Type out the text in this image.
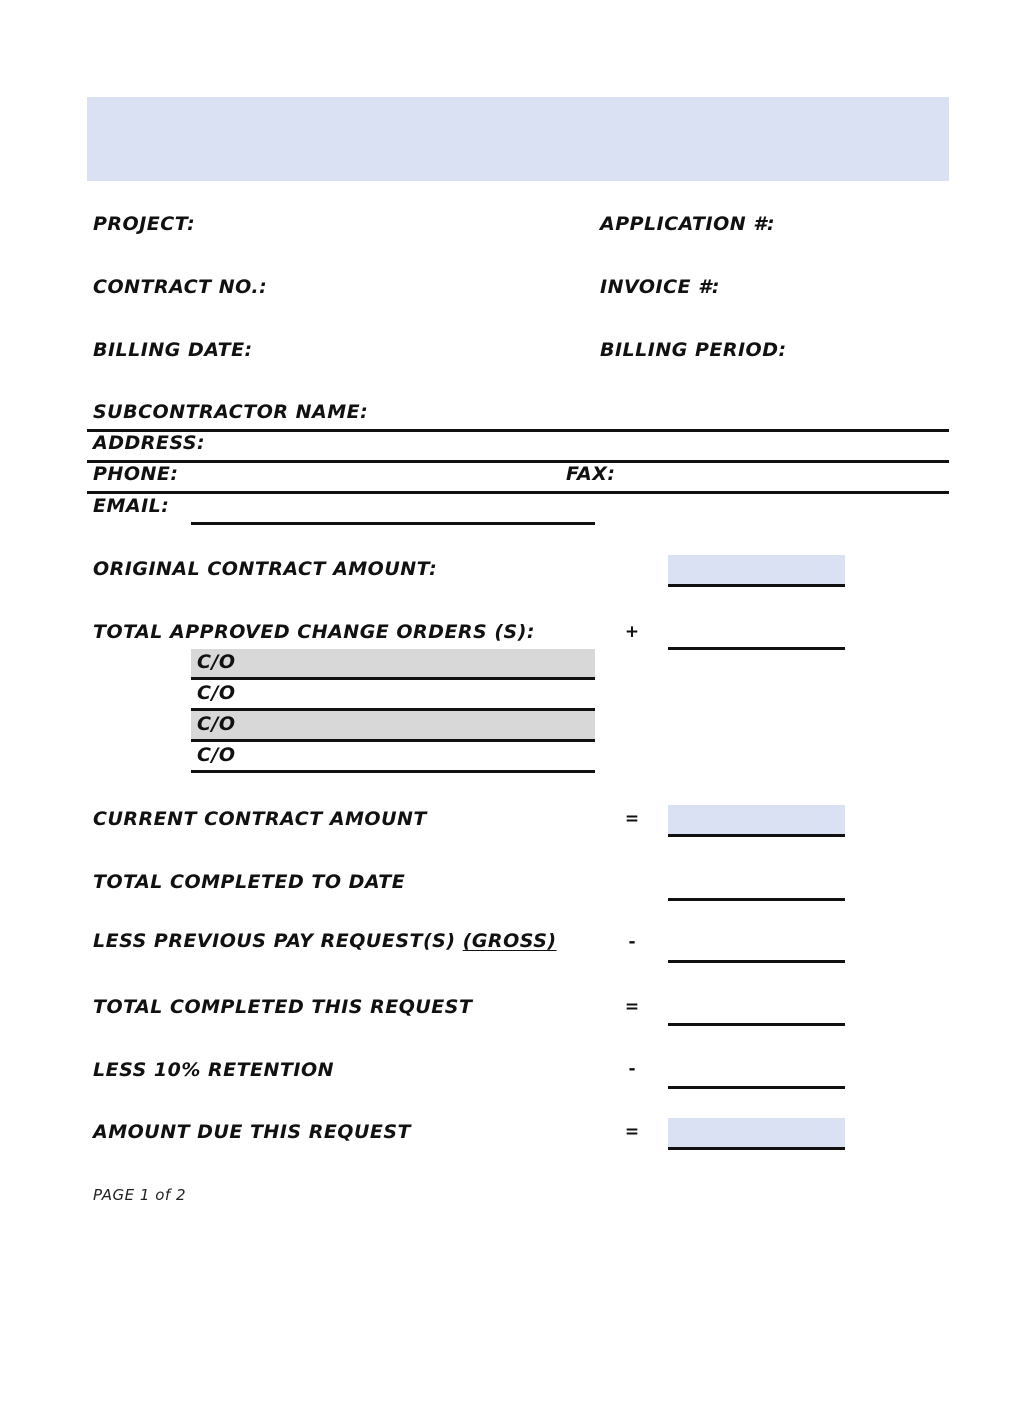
PROJECT:	APPLICATION #:
CONTRACT NO.:	INVOICE #:
BILLING DATE:	BILLING PERIOD:
SUBCONTRACTOR NAME:
ADDRESS:
PHONE:	FAX:
EMAIL:
ORIGINAL CONTRACT AMOUNT:
TOTAL APPROVED CHANGE ORDERS (S):	+
C/O
C/O
C/O
C/O
CURRENT CONTRACT AMOUNT	=
TOTAL COMPLETED TO DATE
LESS PREVIOUS PAY REQUEST(S) (GROSS)	-
TOTAL COMPLETED THIS REQUEST	=
LESS 10% RETENTION	-
AMOUNT DUE THIS REQUEST	=
PAGE 1 of 2
